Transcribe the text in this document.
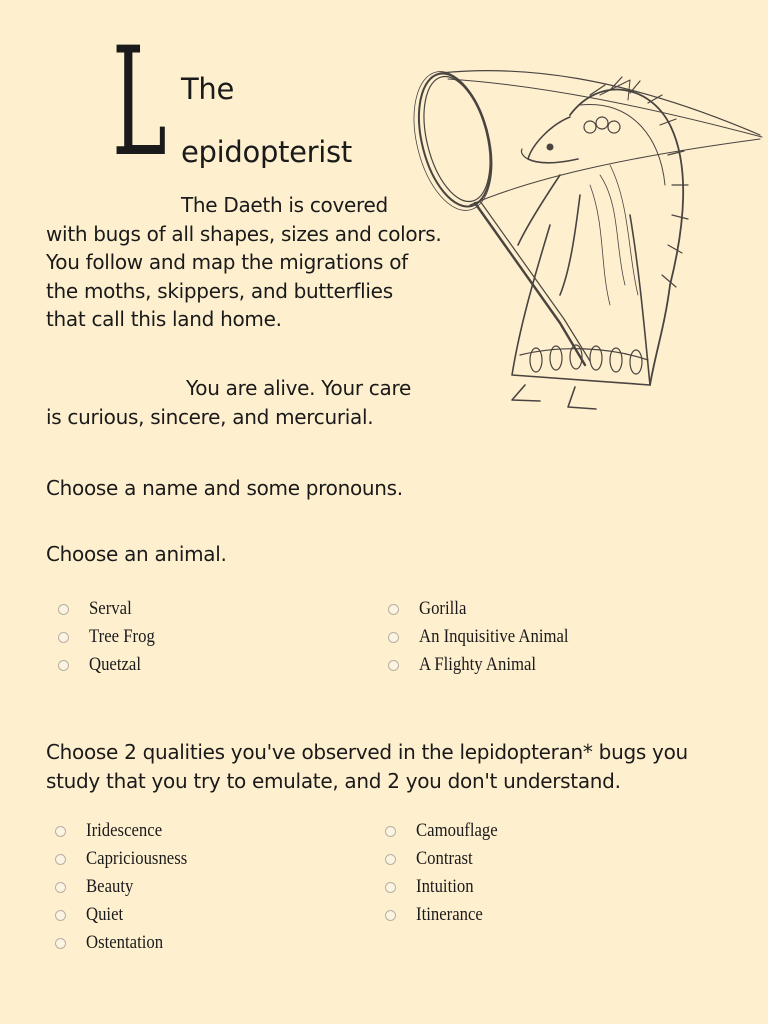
L The
epidopterist
The Daeth is covered
with bugs of all shapes, sizes and colors.
You follow and map the migrations of
the moths, skippers, and butterflies
that call this land home.
You are alive. Your care
is curious, sincere, and mercurial.
Choose a name and some pronouns.
Choose an animal.
Serval
Tree Frog
Quetzal
Gorilla
An Inquisitive Animal
A Flighty Animal
Choose 2 qualities you've observed in the lepidopteran* bugs you
study that you try to emulate, and 2 you don't understand.
Iridescence
Capriciousness
Beauty
Quiet
Ostentation
Camouflage
Contrast
Intuition
Itinerance
